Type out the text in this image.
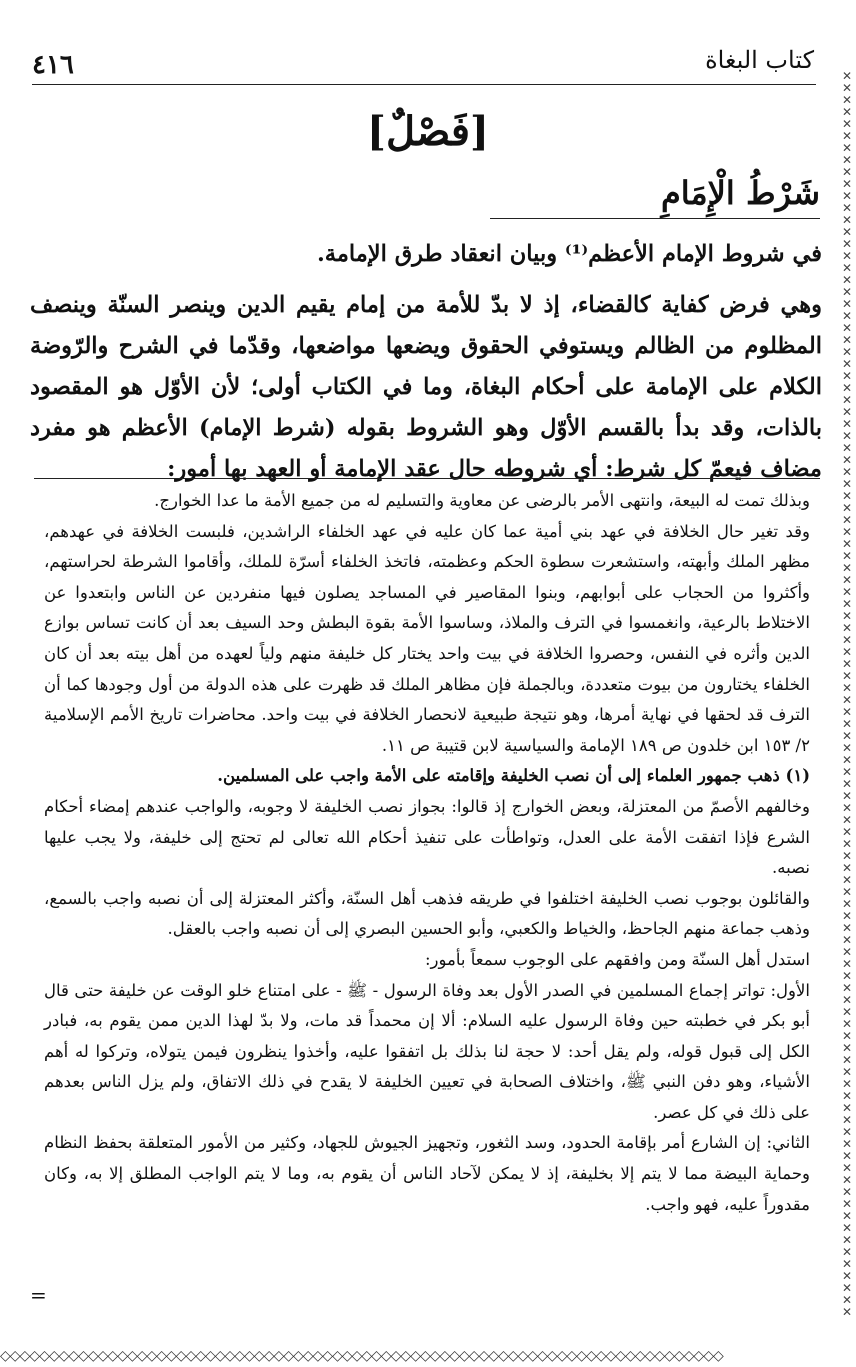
كتاب البغاة
٤١٦
[فَصْلٌ]
شَرْطُ الْإِمَامِ

في شروط الإمام الأعظم⁽¹⁾ وبيان انعقاد طرق الإمامة.

وهي فرض كفاية كالقضاء، إذ لا بدّ للأمة من إمام يقيم الدين وينصر السنّة وينصف المظلوم من الظالم ويستوفي الحقوق ويضعها مواضعها، وقدّما في الشرح والرّوضة الكلام على الإمامة على أحكام البغاة، وما في الكتاب أولى؛ لأن الأوّل هو المقصود بالذات، وقد بدأ بالقسم الأوّل وهو الشروط بقوله (شرط الإمام) الأعظم هو مفرد مضاف فيعمّ كل شرط: أي شروطه حال عقد الإمامة أو العهد بها أمور:

وبذلك تمت له البيعة، وانتهى الأمر بالرضى عن معاوية والتسليم له من جميع الأمة ما عدا الخوارج.

وقد تغير حال الخلافة في عهد بني أمية عما كان عليه في عهد الخلفاء الراشدين، فلبست الخلافة في عهدهم، مظهر الملك وأبهته، واستشعرت سطوة الحكم وعظمته، فاتخذ الخلفاء أسرّة للملك، وأقاموا الشرطة لحراستهم، وأكثروا من الحجاب على أبوابهم، وبنوا المقاصير في المساجد يصلون فيها منفردين عن الناس وابتعدوا عن الاختلاط بالرعية، وانغمسوا في الترف والملاذ، وساسوا الأمة بقوة البطش وحد السيف بعد أن كانت تساس بوازع الدين وأثره في النفس، وحصروا الخلافة في بيت واحد يختار كل خليفة منهم ولياً لعهده من أهل بيته بعد أن كان الخلفاء يختارون من بيوت متعددة، وبالجملة فإن مظاهر الملك قد ظهرت على هذه الدولة من أول وجودها كما أن الترف قد لحقها في نهاية أمرها، وهو نتيجة طبيعية لانحصار الخلافة في بيت واحد. محاضرات تاريخ الأمم الإسلامية ٢/ ١٥٣ ابن خلدون ص ١٨٩ الإمامة والسياسية لابن قتيبة ص ١١.

(١) ذهب جمهور العلماء إلى أن نصب الخليفة وإقامته على الأمة واجب على المسلمين.

وخالفهم الأصمّ من المعتزلة، وبعض الخوارج إذ قالوا: بجواز نصب الخليفة لا وجوبه، والواجب عندهم إمضاء أحكام الشرع فإذا اتفقت الأمة على العدل، وتواطأت على تنفيذ أحكام الله تعالى لم تحتج إلى خليفة، ولا يجب عليها نصبه.

والقائلون بوجوب نصب الخليفة اختلفوا في طريقه فذهب أهل السنّة، وأكثر المعتزلة إلى أن نصبه واجب بالسمع، وذهب جماعة منهم الجاحظ، والخياط والكعبي، وأبو الحسين البصري إلى أن نصبه واجب بالعقل.

استدل أهل السنّة ومن وافقهم على الوجوب سمعاً بأمور:

الأول: تواتر إجماع المسلمين في الصدر الأول بعد وفاة الرسول - ﷺ - على امتناع خلو الوقت عن خليفة حتى قال أبو بكر في خطبته حين وفاة الرسول عليه السلام: ألا إن محمداً قد مات، ولا بدّ لهذا الدين ممن يقوم به، فبادر الكل إلى قبول قوله، ولم يقل أحد: لا حجة لنا بذلك بل اتفقوا عليه، وأخذوا ينظرون فيمن يتولاه، وتركوا له أهم الأشياء، وهو دفن النبي ﷺ، واختلاف الصحابة في تعيين الخليفة لا يقدح في ذلك الاتفاق، ولم يزل الناس بعدهم على ذلك في كل عصر.

الثاني: إن الشارع أمر بإقامة الحدود، وسد الثغور، وتجهيز الجيوش للجهاد، وكثير من الأمور المتعلقة بحفظ النظام وحماية البيضة مما لا يتم إلا بخليفة، إذ لا يمكن لآحاد الناس أن يقوم به، وما لا يتم الواجب المطلق إلا به، وكان مقدوراً عليه، فهو واجب.

=
✕✕✕✕✕✕✕✕✕✕✕✕✕✕✕✕✕✕✕✕✕✕✕✕✕✕✕✕✕✕✕✕✕✕✕✕✕✕✕✕✕✕✕✕✕✕✕✕✕✕✕✕✕✕✕✕✕✕✕✕✕✕✕✕✕✕✕✕✕✕✕✕✕✕✕✕✕✕✕✕✕✕✕✕✕✕✕✕✕✕✕✕✕✕✕✕✕✕✕✕✕✕✕✕
◇◇◇◇◇◇◇◇◇◇◇◇◇◇◇◇◇◇◇◇◇◇◇◇◇◇◇◇◇◇◇◇◇◇◇◇◇◇◇◇◇◇◇◇◇◇◇◇◇◇◇◇◇◇◇◇◇◇◇◇◇◇◇◇◇◇◇◇◇◇◇◇◇◇
